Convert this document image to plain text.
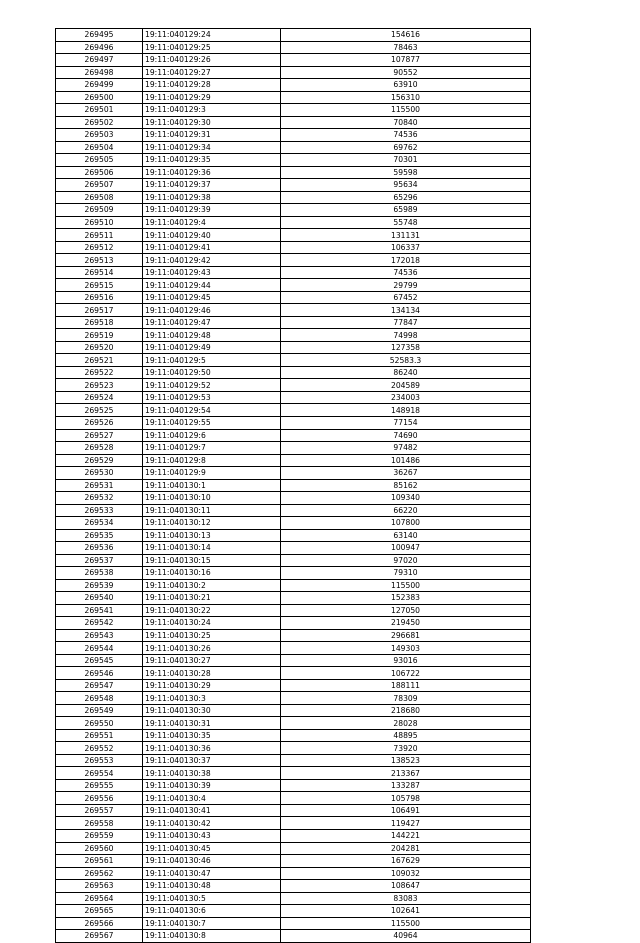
269495	19:11:040129:24	154616
269496	19:11:040129:25	78463
269497	19:11:040129:26	107877
269498	19:11:040129:27	90552
269499	19:11:040129:28	63910
269500	19:11:040129:29	156310
269501	19:11:040129:3	115500
269502	19:11:040129:30	70840
269503	19:11:040129:31	74536
269504	19:11:040129:34	69762
269505	19:11:040129:35	70301
269506	19:11:040129:36	59598
269507	19:11:040129:37	95634
269508	19:11:040129:38	65296
269509	19:11:040129:39	65989
269510	19:11:040129:4	55748
269511	19:11:040129:40	131131
269512	19:11:040129:41	106337
269513	19:11:040129:42	172018
269514	19:11:040129:43	74536
269515	19:11:040129:44	29799
269516	19:11:040129:45	67452
269517	19:11:040129:46	134134
269518	19:11:040129:47	77847
269519	19:11:040129:48	74998
269520	19:11:040129:49	127358
269521	19:11:040129:5	52583.3
269522	19:11:040129:50	86240
269523	19:11:040129:52	204589
269524	19:11:040129:53	234003
269525	19:11:040129:54	148918
269526	19:11:040129:55	77154
269527	19:11:040129:6	74690
269528	19:11:040129:7	97482
269529	19:11:040129:8	101486
269530	19:11:040129:9	36267
269531	19:11:040130:1	85162
269532	19:11:040130:10	109340
269533	19:11:040130:11	66220
269534	19:11:040130:12	107800
269535	19:11:040130:13	63140
269536	19:11:040130:14	100947
269537	19:11:040130:15	97020
269538	19:11:040130:16	79310
269539	19:11:040130:2	115500
269540	19:11:040130:21	152383
269541	19:11:040130:22	127050
269542	19:11:040130:24	219450
269543	19:11:040130:25	296681
269544	19:11:040130:26	149303
269545	19:11:040130:27	93016
269546	19:11:040130:28	106722
269547	19:11:040130:29	188111
269548	19:11:040130:3	78309
269549	19:11:040130:30	218680
269550	19:11:040130:31	28028
269551	19:11:040130:35	48895
269552	19:11:040130:36	73920
269553	19:11:040130:37	138523
269554	19:11:040130:38	213367
269555	19:11:040130:39	133287
269556	19:11:040130:4	105798
269557	19:11:040130:41	106491
269558	19:11:040130:42	119427
269559	19:11:040130:43	144221
269560	19:11:040130:45	204281
269561	19:11:040130:46	167629
269562	19:11:040130:47	109032
269563	19:11:040130:48	108647
269564	19:11:040130:5	83083
269565	19:11:040130:6	102641
269566	19:11:040130:7	115500
269567	19:11:040130:8	40964
